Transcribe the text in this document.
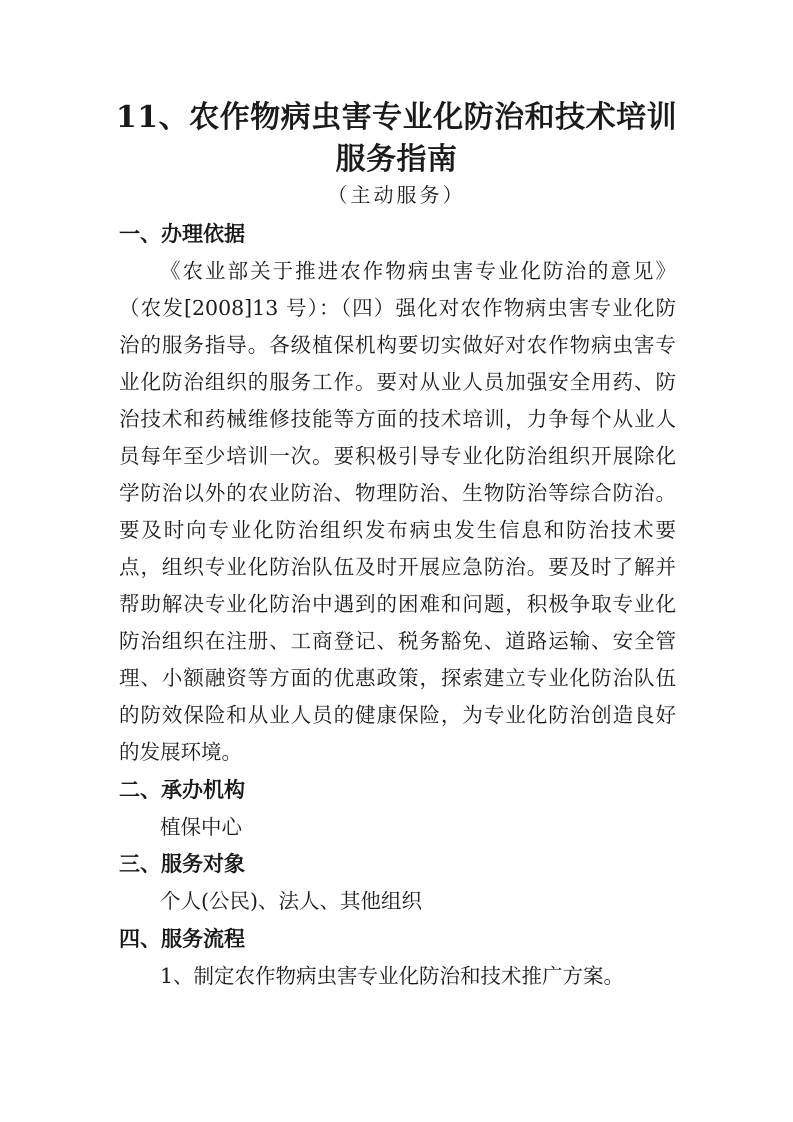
11、农作物病虫害专业化防治和技术培训
服务指南
（主动服务）
一、办理依据
《农业部关于推进农作物病虫害专业化防治的意见》
（农发[2008]13 号）：（四）强化对农作物病虫害专业化防
治的服务指导。各级植保机构要切实做好对农作物病虫害专
业化防治组织的服务工作。要对从业人员加强安全用药、防
治技术和药械维修技能等方面的技术培训，力争每个从业人
员每年至少培训一次。要积极引导专业化防治组织开展除化
学防治以外的农业防治、物理防治、生物防治等综合防治。
要及时向专业化防治组织发布病虫发生信息和防治技术要
点，组织专业化防治队伍及时开展应急防治。要及时了解并
帮助解决专业化防治中遇到的困难和问题，积极争取专业化
防治组织在注册、工商登记、税务豁免、道路运输、安全管
理、小额融资等方面的优惠政策，探索建立专业化防治队伍
的防效保险和从业人员的健康保险，为专业化防治创造良好
的发展环境。
二、承办机构
植保中心
三、服务对象
个人(公民)、法人、其他组织
四、服务流程
1、制定农作物病虫害专业化防治和技术推广方案。
